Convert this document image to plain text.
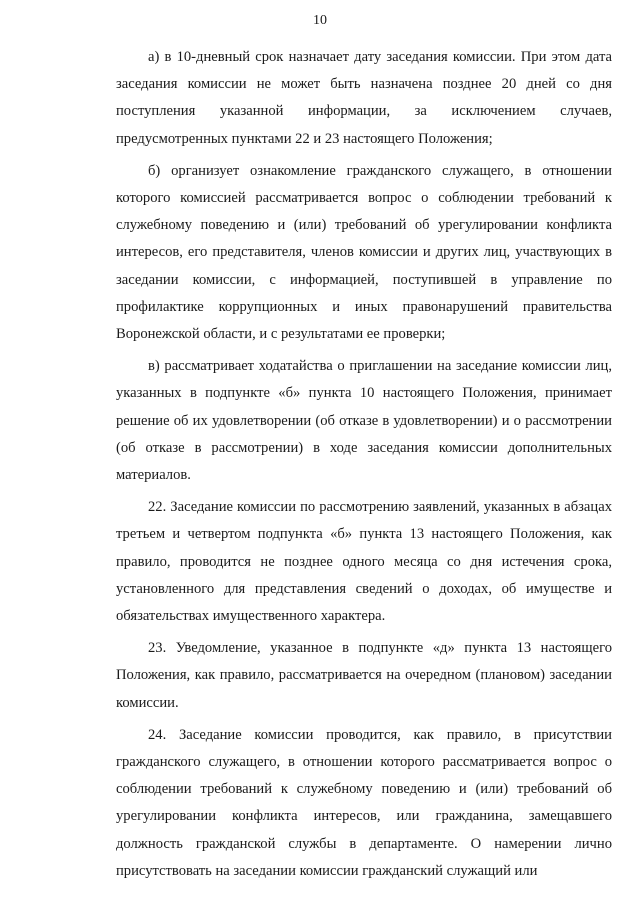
10

а) в 10-дневный срок назначает дату заседания комиссии. При этом дата заседания комиссии не может быть назначена позднее 20 дней со дня поступления указанной информации, за исключением случаев, предусмотренных пунктами 22 и 23 настоящего Положения;

б) организует ознакомление гражданского служащего, в отношении которого комиссией рассматривается вопрос о соблюдении требований к служебному поведению и (или) требований об урегулировании конфликта интересов, его представителя, членов комиссии и других лиц, участвующих в заседании комиссии, с информацией, поступившей в управление по профилактике коррупционных и иных правонарушений правительства Воронежской области, и с результатами ее проверки;

в) рассматривает ходатайства о приглашении на заседание комиссии лиц, указанных в подпункте «б» пункта 10 настоящего Положения, принимает решение об их удовлетворении (об отказе в удовлетворении) и о рассмотрении (об отказе в рассмотрении) в ходе заседания комиссии дополнительных материалов.

22. Заседание комиссии по рассмотрению заявлений, указанных в абзацах третьем и четвертом подпункта «б» пункта 13 настоящего Положения, как правило, проводится не позднее одного месяца со дня истечения срока, установленного для представления сведений о доходах, об имуществе и обязательствах имущественного характера.

23. Уведомление, указанное в подпункте «д» пункта 13 настоящего Положения, как правило, рассматривается на очередном (плановом) заседании комиссии.

24. Заседание комиссии проводится, как правило, в присутствии гражданского служащего, в отношении которого рассматривается вопрос о соблюдении требований к служебному поведению и (или) требований об урегулировании конфликта интересов, или гражданина, замещавшего должность гражданской службы в департаменте. О намерении лично присутствовать на заседании комиссии гражданский служащий или
